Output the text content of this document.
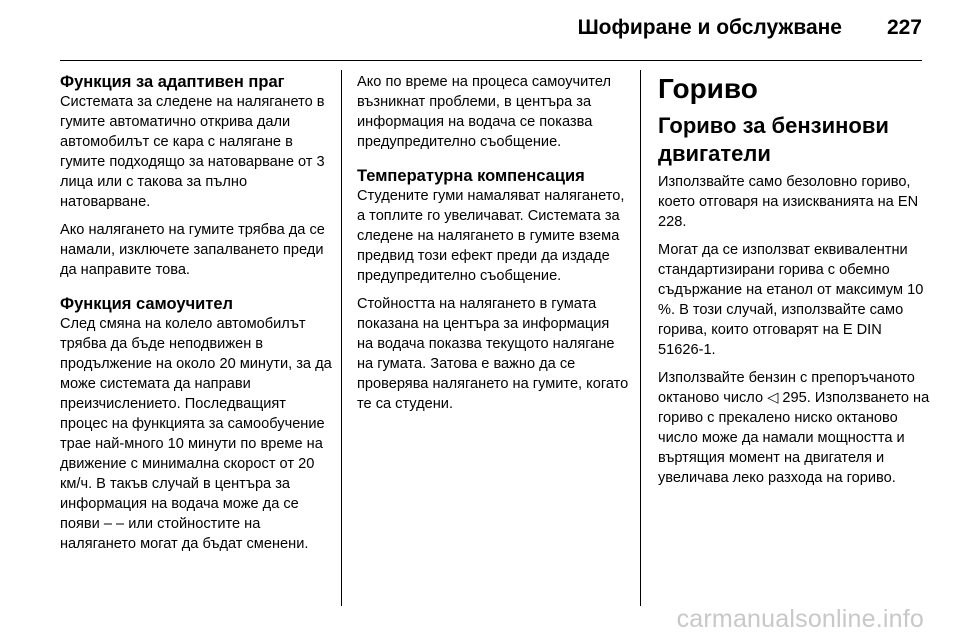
Шофиране и обслужване 227

Функция за адаптивен праг

Системата за следене на налягането в гумите автоматично открива дали автомобилът се кара с налягане в гумите подходящо за натоварване от 3 лица или с такова за пълно натоварване.

Ако налягането на гумите трябва да се намали, изключете запалването преди да направите това.

Функция самоучител

След смяна на колело автомобилът трябва да бъде неподвижен в продължение на около 20 минути, за да може системата да направи преизчислението. Последващият процес на функцията за самообучение трае най-много 10 минути по време на движение с минимална скорост от 20 км/ч. В такъв случай в центъра за информация на водача може да се появи – – или стойностите на налягането могат да бъдат сменени.

Ако по време на процеса самоучител възникнат проблеми, в центъра за информация на водача се показва предупредително съобщение.

Температурна компенсация

Студените гуми намаляват налягането, а топлите го увеличават. Системата за следене на налягането в гумите взема предвид този ефект преди да издаде предупредително съобщение.

Стойността на налягането в гумата показана на центъра за информация на водача показва текущото налягане на гумата. Затова е важно да се проверява налягането на гумите, когато те са студени.

Гориво

Гориво за бензинови двигатели

Използвайте само безоловно гориво, което отговаря на изискванията на EN 228.

Могат да се използват еквивалентни стандартизирани горива с обемно съдържание на етанол от максимум 10 %. В този случай, използвайте само горива, които отговарят на E DIN 51626-1.

Използвайте бензин с препоръчаното октаново число ◁ 295. Използването на гориво с прекалено ниско октаново число може да намали мощността и въртящия момент на двигателя и увеличава леко разхода на гориво.

carmanualsonline.info
